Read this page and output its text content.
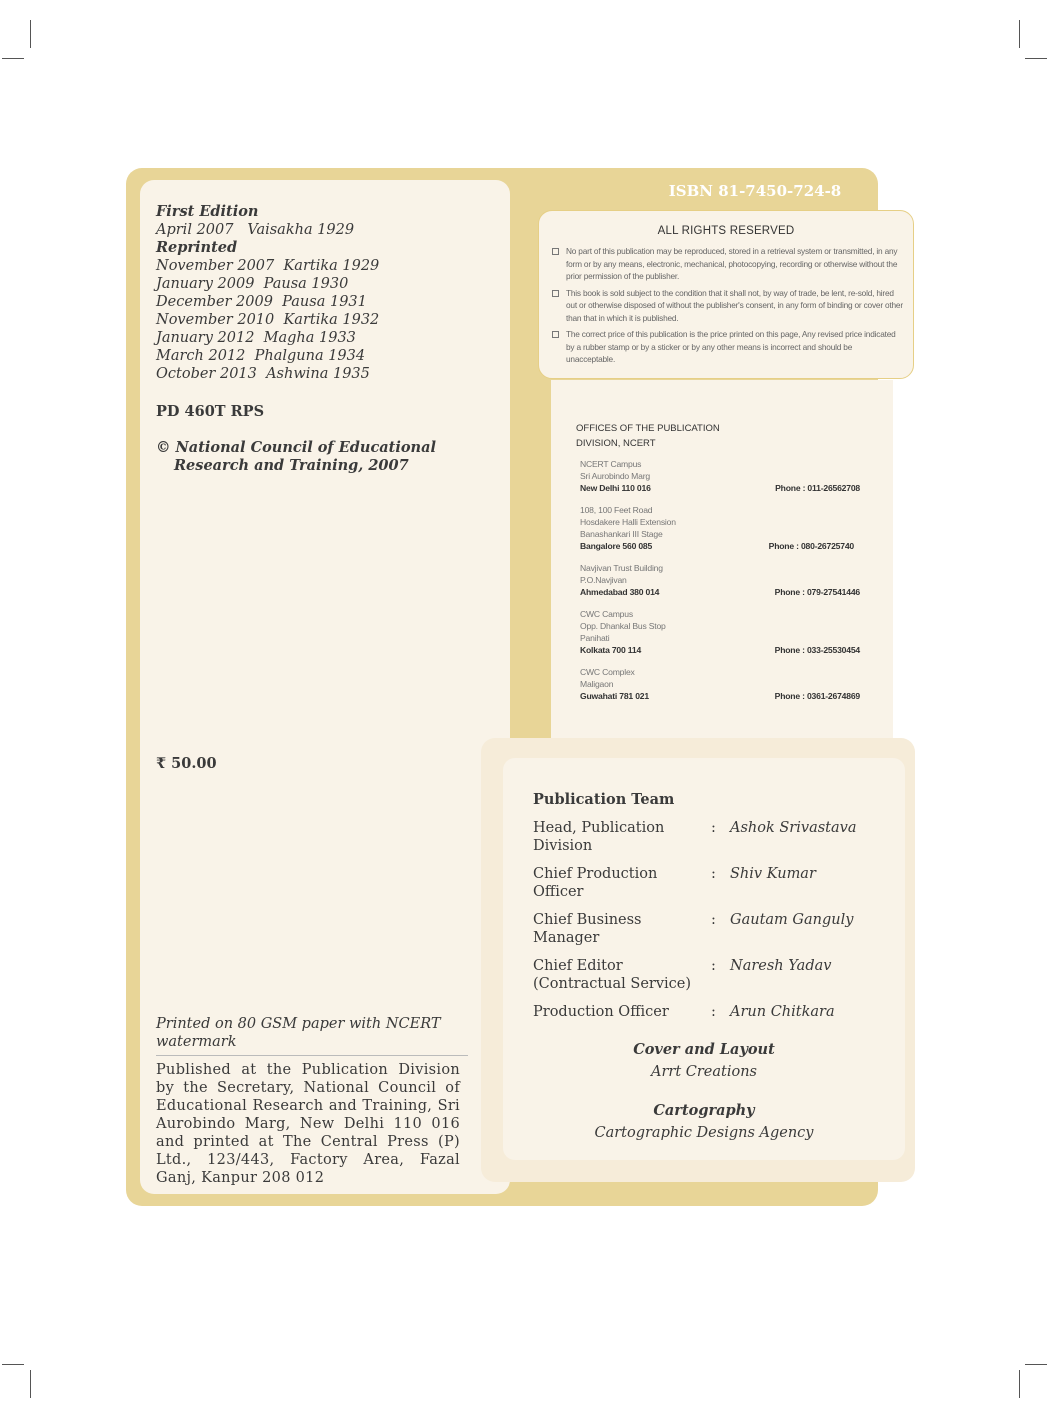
First Edition
April 2007 Vaisakha 1929
Reprinted
November 2007  Kartika 1929
January 2009  Pausa 1930
December 2009  Pausa 1931
November 2010  Kartika 1932
January 2012  Magha 1933
March 2012  Phalguna 1934
October 2013  Ashwina 1935
PD 460T RPS
© National Council of Educational
Research and Training, 2007
₹ 50.00
Printed on 80 GSM paper with NCERT watermark
Published at the Publication Division by the Secretary, National Council of Educational Research and Training, Sri Aurobindo Marg, New Delhi 110 016 and printed at The Central Press (P) Ltd., 123/443, Factory Area, Fazal Ganj, Kanpur 208 012
ISBN 81-7450-724-8
ALL RIGHTS RESERVED
No part of this publication may be reproduced, stored in a retrieval system or transmitted, in any form or by any means, electronic, mechanical, photocopying, recording or otherwise without the prior permission of the publisher.
This book is sold subject to the condition that it shall not, by way of trade, be lent, re-sold, hired out or otherwise disposed of without the publisher's consent, in any form of binding or cover other than that in which it is published.
The correct price of this publication is the price printed on this page, Any revised price indicated by a rubber stamp or by a sticker or by any other means is incorrect and should be unacceptable.
OFFICES OF THE PUBLICATION
DIVISION, NCERT
NCERT Campus
Sri Aurobindo Marg
New Delhi 110 016	Phone : 011-26562708
108, 100 Feet Road
Hosdakere Halli Extension
Banashankari III Stage
Bangalore 560 085	Phone : 080-26725740
Navjivan Trust Building
P.O.Navjivan
Ahmedabad 380 014	Phone : 079-27541446
CWC Campus
Opp. Dhankal Bus Stop
Panihati
Kolkata 700 114	Phone : 033-25530454
CWC Complex
Maligaon
Guwahati 781 021	Phone : 0361-2674869
Publication Team
Head, Publication
Division
: Ashok Srivastava
Chief Production
Officer
: Shiv Kumar
Chief Business
Manager
: Gautam Ganguly
Chief Editor
(Contractual Service)
: Naresh Yadav
Production Officer	: Arun Chitkara
Cover and Layout
Arrt Creations
Cartography
Cartographic Designs Agency
